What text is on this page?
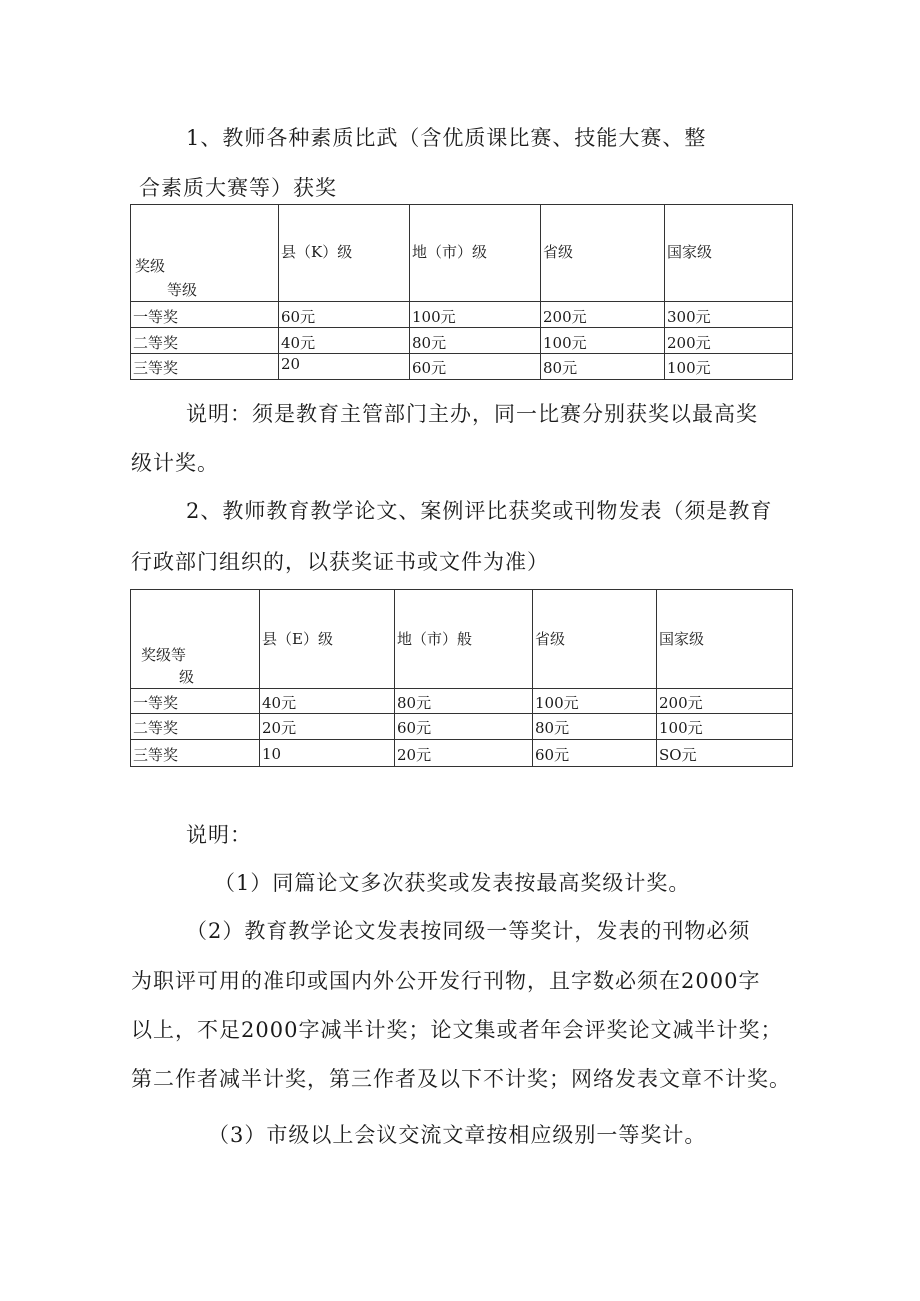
1、教师各种素质比武（含优质课比赛、技能大赛、整
合素质大赛等）获奖
奖级
等级	县（K）级	地（市）级	省级	国家级
一等奖	60元	100元	200元	300元
二等奖	40元	80元	100元	200元
三等奖	20	60元	80元	100元
说明：须是教育主管部门主办，同一比赛分别获奖以最高奖
级计奖。
2、教师教育教学论文、案例评比获奖或刊物发表（须是教育
行政部门组织的，以获奖证书或文件为准）
奖级等
级	县（E）级	地（市）般	省级	国家级
一等奖	40元	80元	100元	200元
二等奖	20元	60元	80元	100元
三等奖	10	20元	60元	SO元
说明：
（1）同篇论文多次获奖或发表按最高奖级计奖。
（2）教育教学论文发表按同级一等奖计，发表的刊物必须
为职评可用的准印或国内外公开发行刊物，且字数必须在2000字
以上，不足2000字减半计奖；论文集或者年会评奖论文减半计奖；
第二作者减半计奖，第三作者及以下不计奖；网络发表文章不计奖。
（3）市级以上会议交流文章按相应级别一等奖计。
